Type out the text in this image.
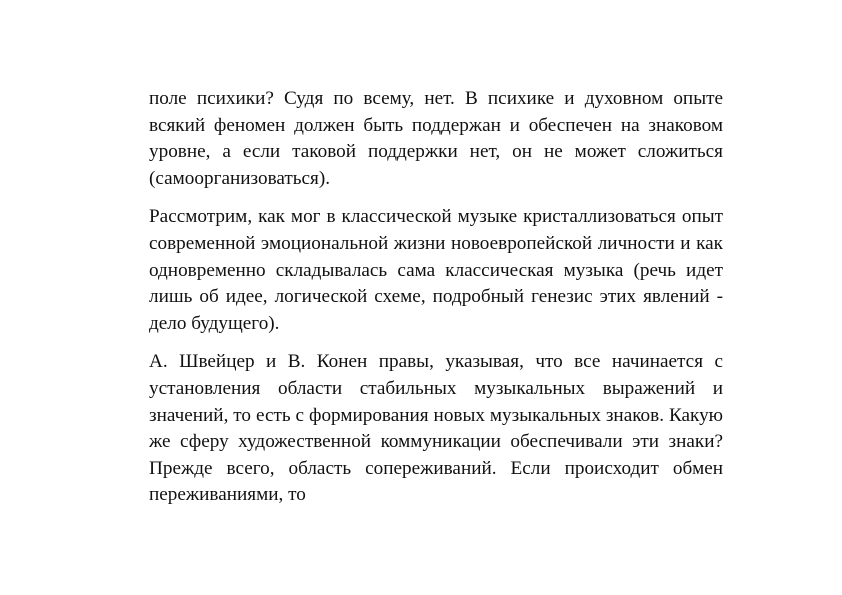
поле психики? Судя по всему, нет. В психике и духовном опыте всякий феномен должен быть поддержан и обеспечен на знаковом уровне, а если таковой поддержки нет, он не может сложиться (самоорганизоваться).

Рассмотрим, как мог в классической музыке кристаллизоваться опыт современной эмоциональной жизни новоевропейской личности и как одновременно складывалась сама классическая музыка (речь идет лишь об идее, логической схеме, подробный генезис этих явлений - дело будущего).

А. Швейцер и В. Конен правы, указывая, что все начинается с установления области стабильных музыкальных выражений и значений, то есть с формирования новых музыкальных знаков. Какую же сферу художественной коммуникации обеспечивали эти знаки? Прежде всего, область сопереживаний. Если происходит обмен переживаниями, то
